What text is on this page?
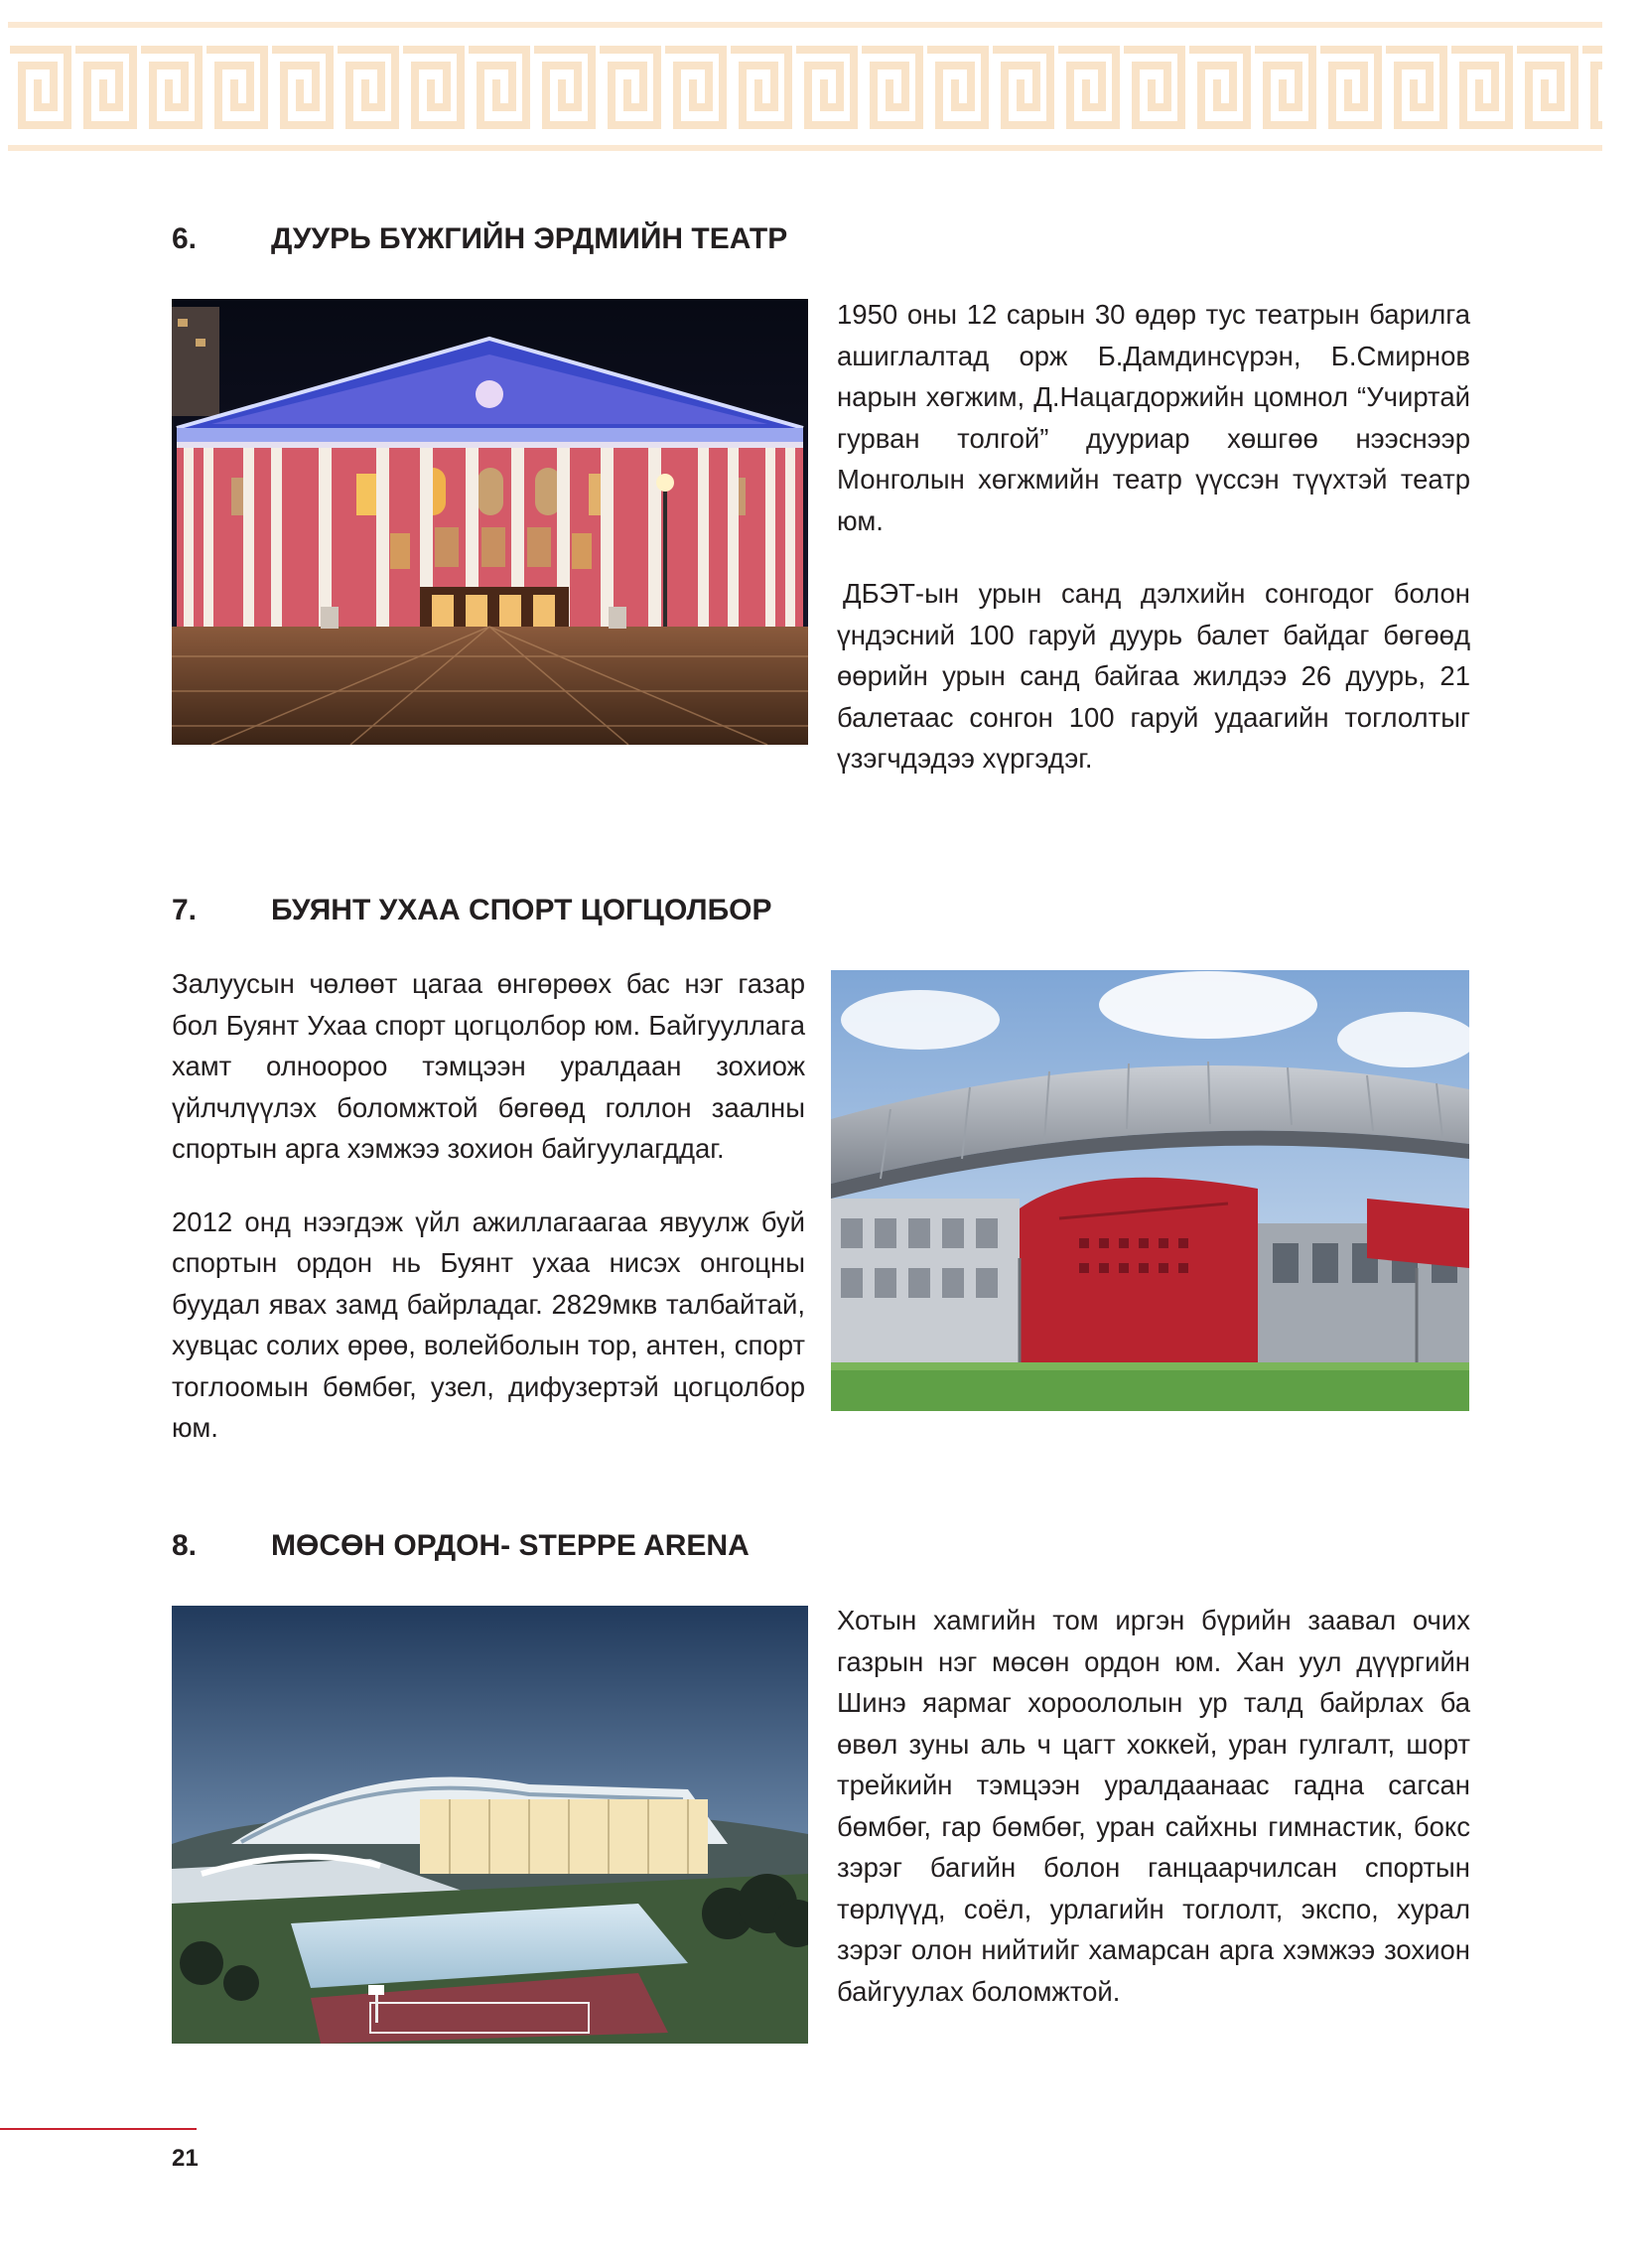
6. ДУУРЬ БҮЖГИЙН ЭРДМИЙН ТЕАТР

1950 оны 12 сарын 30 өдөр тус театрын барилга ашиглалтад орж Б.Дамдинсүрэн, Б.Смирнов нарын хөгжим, Д.Нацагдоржийн цомнол “Учиртай гурван толгой” дууриар хөшгөө нээснээр Монголын хөгжмийн театр үүссэн түүхтэй театр юм.

ДБЭТ-ын урын санд дэлхийн сонгодог болон үндэсний 100 гаруй дуурь балет байдаг бөгөөд өөрийн урын санд байгаа жилдээ 26 дуурь, 21 балетаас сонгон 100 гаруй удаагийн тоглолтыг үзэгчдэдээ хүргэдэг.

7. БУЯНТ УХАА СПОРТ ЦОГЦОЛБОР

Залуусын чөлөөт цагаа өнгөрөөх бас нэг газар бол Буянт Ухаа спорт цогцолбор юм. Байгууллага хамт олноороо тэмцээн уралдаан зохиож үйлчлүүлэх боломжтой бөгөөд голлон заалны спортын арга хэмжээ зохион байгуулагддаг.

2012 онд нээгдэж үйл ажиллагаагаа явуулж буй спортын ордон нь Буянт ухаа нисэх онгоцны буудал явах замд байрладаг. 2829мкв талбайтай, хувцас солих өрөө, волейболын тор, антен, спорт тоглоомын бөмбөг, узел, дифузертэй цогцолбор юм.

8. МӨСӨН ОРДОН- STEPPE ARENA

Хотын хамгийн том иргэн бүрийн заавал очих газрын нэг мөсөн ордон юм. Хан уул дүүргийн Шинэ яармаг хороололын ур талд байрлах ба өвөл зуны аль ч цагт хоккей, уран гулгалт, шорт трейкийн тэмцээн уралдаанаас гадна сагсан бөмбөг, гар бөмбөг, уран сайхны гимнастик, бокс зэрэг багийн болон ганцаарчилсан спортын төрлүүд, соёл, урлагийн тоглолт, экспо, хурал зэрэг олон нийтийг хамарсан арга хэмжээ зохион байгуулах боломжтой.

21
